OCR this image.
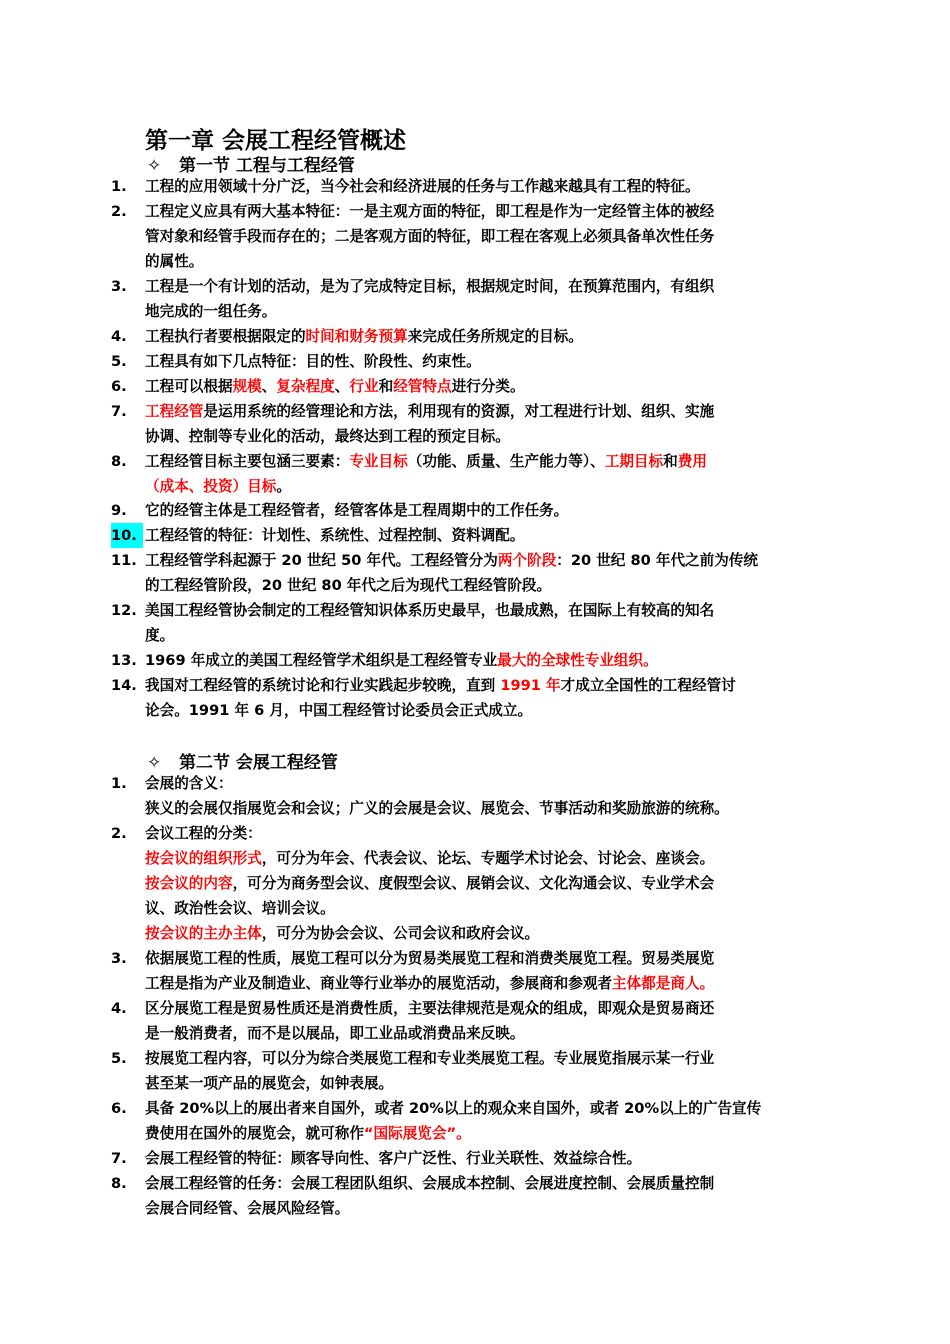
第一章 会展工程经管概述
✧ 第一节 工程与工程经管
1.	工程的应用领域十分广泛，当今社会和经济进展的任务与工作越来越具有工程的特征。
2.	工程定义应具有两大基本特征：一是主观方面的特征，即工程是作为一定经管主体的被经
管对象和经管手段而存在的；二是客观方面的特征，即工程在客观上必须具备单次性任务
的属性。
3.	工程是一个有计划的活动，是为了完成特定目标，根据规定时间，在预算范围内，有组织
地完成的一组任务。
4.	工程执行者要根据限定的时间和财务预算来完成任务所规定的目标。
5.	工程具有如下几点特征：目的性、阶段性、约束性。
6.	工程可以根据规模、复杂程度、行业和经管特点进行分类。
7.	工程经管是运用系统的经管理论和方法，利用现有的资源，对工程进行计划、组织、实施
协调、控制等专业化的活动，最终达到工程的预定目标。
8.	工程经管目标主要包涵三要素：专业目标（功能、质量、生产能力等）、工期目标和费用
（成本、投资）目标。
9.	它的经管主体是工程经管者，经管客体是工程周期中的工作任务。
10. 工程经管的特征：计划性、系统性、过程控制、资料调配。
11. 工程经管学科起源于 20 世纪 50 年代。工程经管分为两个阶段：20 世纪 80 年代之前为传统
的工程经管阶段，20 世纪 80 年代之后为现代工程经管阶段。
12. 美国工程经管协会制定的工程经管知识体系历史最早，也最成熟，在国际上有较高的知名
度。
13. 1969 年成立的美国工程经管学术组织是工程经管专业最大的全球性专业组织。
14. 我国对工程经管的系统讨论和行业实践起步较晚，直到 1991 年才成立全国性的工程经管讨
论会。1991 年 6 月，中国工程经管讨论委员会正式成立。
✧ 第二节 会展工程经管
1.	会展的含义：
狭义的会展仅指展览会和会议；广义的会展是会议、展览会、节事活动和奖励旅游的统称。
2.	会议工程的分类：
按会议的组织形式，可分为年会、代表会议、论坛、专题学术讨论会、讨论会、座谈会。
按会议的内容，可分为商务型会议、度假型会议、展销会议、文化沟通会议、专业学术会
议、政治性会议、培训会议。
按会议的主办主体，可分为协会会议、公司会议和政府会议。
3.	依据展览工程的性质，展览工程可以分为贸易类展览工程和消费类展览工程。贸易类展览
工程是指为产业及制造业、商业等行业举办的展览活动，参展商和参观者主体都是商人。
4.	区分展览工程是贸易性质还是消费性质，主要法律规范是观众的组成，即观众是贸易商还
是一般消费者，而不是以展品，即工业品或消费品来反映。
5.	按展览工程内容，可以分为综合类展览工程和专业类展览工程。专业展览指展示某一行业
甚至某一项产品的展览会，如钟表展。
6.	具备 20%以上的展出者来自国外，或者 20%以上的观众来自国外，或者 20%以上的广告宣传
费使用在国外的展览会，就可称作“国际展览会”。
7.	会展工程经管的特征：顾客导向性、客户广泛性、行业关联性、效益综合性。
8.	会展工程经管的任务：会展工程团队组织、会展成本控制、会展进度控制、会展质量控制
会展合同经管、会展风险经管。
